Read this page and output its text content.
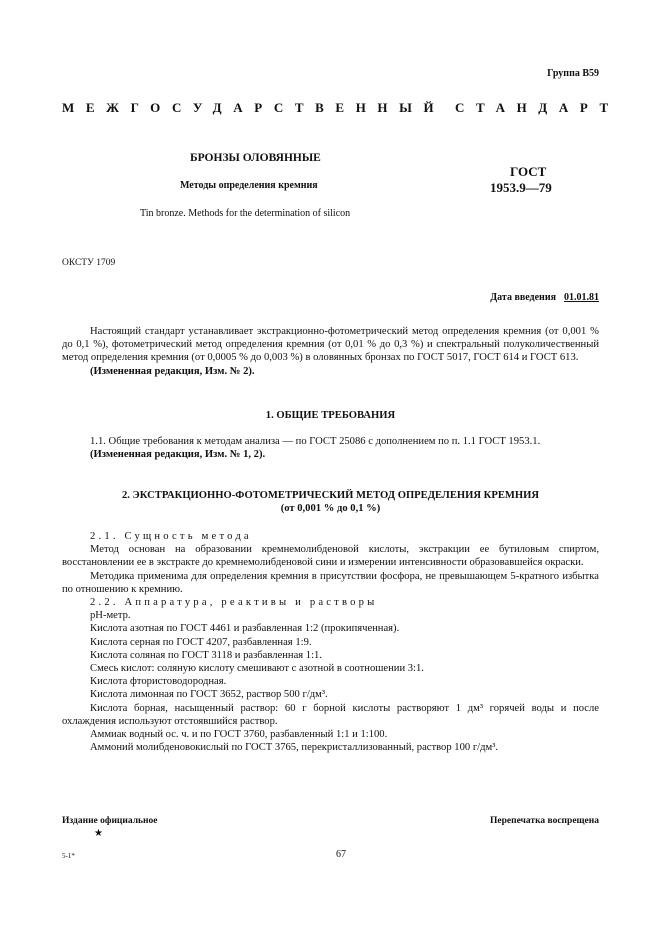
Группа В59
МЕЖГОСУДАРСТВЕННЫЙ СТАНДАРТ
БРОНЗЫ ОЛОВЯННЫЕ
Методы определения кремния
Tin bronze. Methods for the determination of silicon
ГОСТ
1953.9—79
ОКСТУ 1709
Дата введения 01.01.81

Настоящий стандарт устанавливает экстракционно-фотометрический метод определения кремния (от 0,001 % до 0,1 %), фотометрический метод определения кремния (от 0,01 % до 0,3 %) и спектральный полуколичественный метод определения кремния (от 0,0005 % до 0,003 %) в оловянных бронзах по ГОСТ 5017, ГОСТ 614 и ГОСТ 613.

(Измененная редакция, Изм. № 2).

1. ОБЩИЕ ТРЕБОВАНИЯ

1.1. Общие требования к методам анализа — по ГОСТ 25086 с дополнением по п. 1.1 ГОСТ 1953.1.

(Измененная редакция, Изм. № 1, 2).

2. ЭКСТРАКЦИОННО-ФОТОМЕТРИЧЕСКИЙ МЕТОД ОПРЕДЕЛЕНИЯ КРЕМНИЯ
(от 0,001 % до 0,1 %)

2.1. Сущность метода

Метод основан на образовании кремнемолибденовой кислоты, экстракции ее бутиловым спиртом, восстановлении ее в экстракте до кремнемолибденовой сини и измерении интенсивности образовавшейся окраски.

Методика применима для определения кремния в присутствии фосфора, не превышающем 5-кратного избытка по отношению к кремнию.

2.2. Аппаратура, реактивы и растворы

рН-метр.

Кислота азотная по ГОСТ 4461 и разбавленная 1:2 (прокипяченная).

Кислота серная по ГОСТ 4207, разбавленная 1:9.

Кислота соляная по ГОСТ 3118 и разбавленная 1:1.

Смесь кислот: соляную кислоту смешивают с азотной в соотношении 3:1.

Кислота фтористоводородная.

Кислота лимонная по ГОСТ 3652, раствор 500 г/дм³.

Кислота борная, насыщенный раствор: 60 г борной кислоты растворяют 1 дм³ горячей воды и после охлаждения используют отстоявшийся раствор.

Аммиак водный ос. ч. и по ГОСТ 3760, разбавленный 1:1 и 1:100.

Аммоний молибденовокислый по ГОСТ 3765, перекристаллизованный, раствор 100 г/дм³.

Издание официальное
★
Перепечатка воспрещена
5-1*	67
